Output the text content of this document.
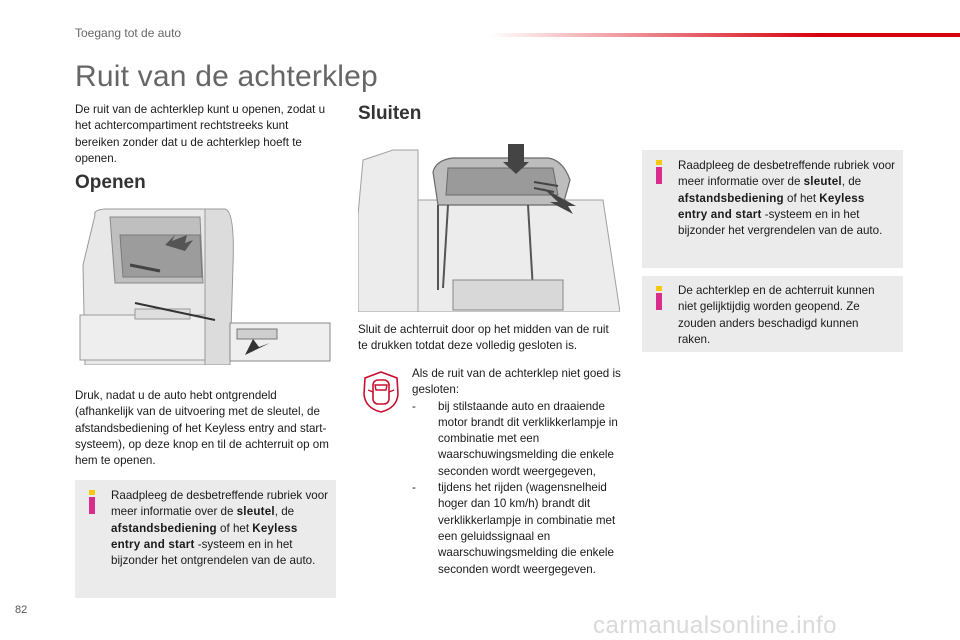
Toegang tot de auto
Ruit van de achterklep
De ruit van de achterklep kunt u openen, zodat u het achtercompartiment rechtstreeks kunt bereiken zonder dat u de achterklep hoeft te openen.
Openen
Druk, nadat u de auto hebt ontgrendeld (afhankelijk van de uitvoering met de sleutel, de afstandsbediening of het Keyless entry and start-systeem), op deze knop en til de achterruit op om hem te openen.
Raadpleeg de desbetreffende rubriek voor meer informatie over de sleutel, de afstandsbediening of het Keyless entry and start -systeem en in het bijzonder het ontgrendelen van de auto.
Sluiten
Sluit de achterruit door op het midden van de ruit te drukken totdat deze volledig gesloten is.
Als de ruit van de achterklep niet goed is gesloten:
- bij stilstaande auto en draaiende motor brandt dit verklikkerlampje in combinatie met een waarschuwingsmelding die enkele seconden wordt weergegeven,
- tijdens het rijden (wagensnelheid hoger dan 10 km/h) brandt dit verklikkerlampje in combinatie met een geluidssignaal en waarschuwingsmelding die enkele seconden wordt weergegeven.
Raadpleeg de desbetreffende rubriek voor meer informatie over de sleutel, de afstandsbediening of het Keyless entry and start -systeem en in het bijzonder het vergrendelen van de auto.
De achterklep en de achterruit kunnen niet gelijktijdig worden geopend. Ze zouden anders beschadigd kunnen raken.
82
carmanualsonline.info
